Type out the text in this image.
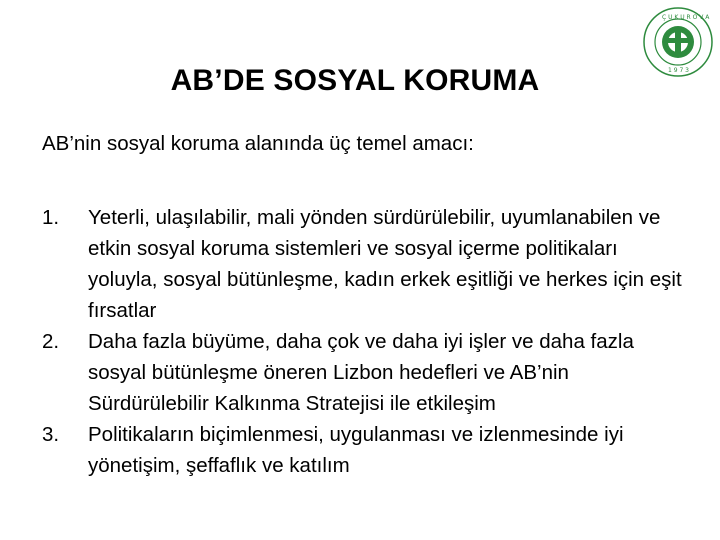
Ç U K U R O V A
1 9 7 3
AB’DE SOSYAL KORUMA

AB’nin sosyal koruma alanında üç temel amacı:

1.	Yeterli, ulaşılabilir, mali yönden sürdürülebilir, uyumlanabilen ve etkin sosyal koruma sistemleri ve sosyal içerme politikaları yoluyla, sosyal bütünleşme, kadın erkek eşitliği ve herkes için eşit fırsatlar
2.	Daha fazla büyüme, daha çok ve daha iyi işler ve daha fazla sosyal bütünleşme öneren Lizbon hedefleri ve AB’nin Sürdürülebilir Kalkınma Stratejisi ile etkileşim
3.	Politikaların biçimlenmesi, uygulanması ve izlenmesinde iyi yönetişim, şeffaflık ve katılım
